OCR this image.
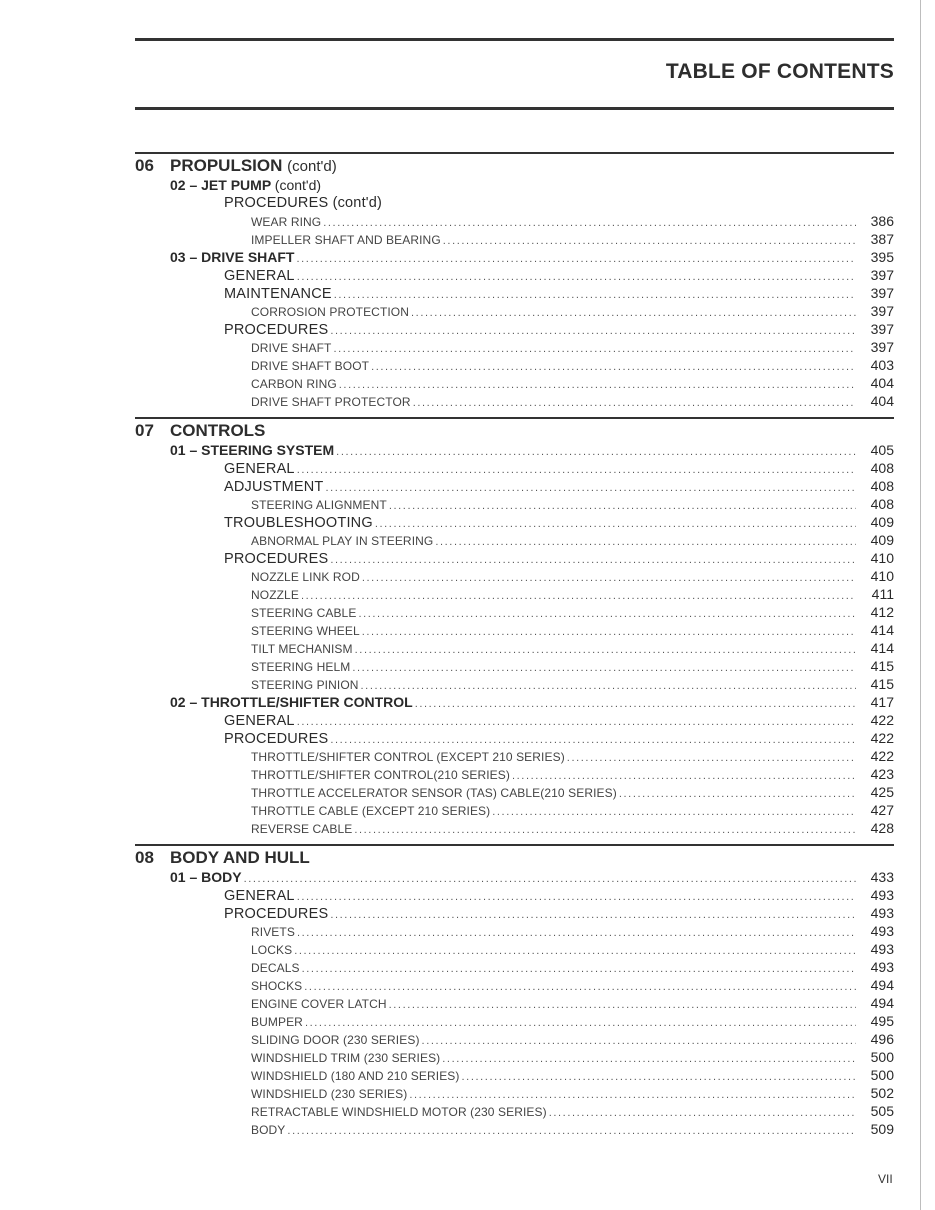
TABLE OF CONTENTS
06 PROPULSION (cont'd)
02 – JET PUMP (cont'd)
PROCEDURES (cont'd)
WEAR RING .....	386
IMPELLER SHAFT AND BEARING .....	387
03 – DRIVE SHAFT .....	395
GENERAL .....	397
MAINTENANCE .....	397
CORROSION PROTECTION .....	397
PROCEDURES .....	397
DRIVE SHAFT .....	397
DRIVE SHAFT BOOT .....	403
CARBON RING .....	404
DRIVE SHAFT PROTECTOR .....	404
07 CONTROLS
01 – STEERING SYSTEM .....	405
GENERAL .....	408
ADJUSTMENT .....	408
STEERING ALIGNMENT .....	408
TROUBLESHOOTING .....	409
ABNORMAL PLAY IN STEERING .....	409
PROCEDURES .....	410
NOZZLE LINK ROD .....	410
NOZZLE .....	411
STEERING CABLE .....	412
STEERING WHEEL .....	414
TILT MECHANISM .....	414
STEERING HELM .....	415
STEERING PINION .....	415
02 – THROTTLE/SHIFTER CONTROL .....	417
GENERAL .....	422
PROCEDURES .....	422
THROTTLE/SHIFTER CONTROL (EXCEPT 210 SERIES) .....	422
THROTTLE/SHIFTER CONTROL(210 SERIES) .....	423
THROTTLE ACCELERATOR SENSOR (TAS) CABLE(210 SERIES) .....	425
THROTTLE CABLE (EXCEPT 210 SERIES) .....	427
REVERSE CABLE .....	428
08 BODY AND HULL
01 – BODY .....	433
GENERAL .....	493
PROCEDURES .....	493
RIVETS .....	493
LOCKS .....	493
DECALS .....	493
SHOCKS .....	494
ENGINE COVER LATCH .....	494
BUMPER .....	495
SLIDING DOOR (230 SERIES) .....	496
WINDSHIELD TRIM (230 SERIES) .....	500
WINDSHIELD (180 AND 210 SERIES) .....	500
WINDSHIELD (230 SERIES) .....	502
RETRACTABLE WINDSHIELD MOTOR (230 SERIES) .....	505
BODY .....	509
VII
